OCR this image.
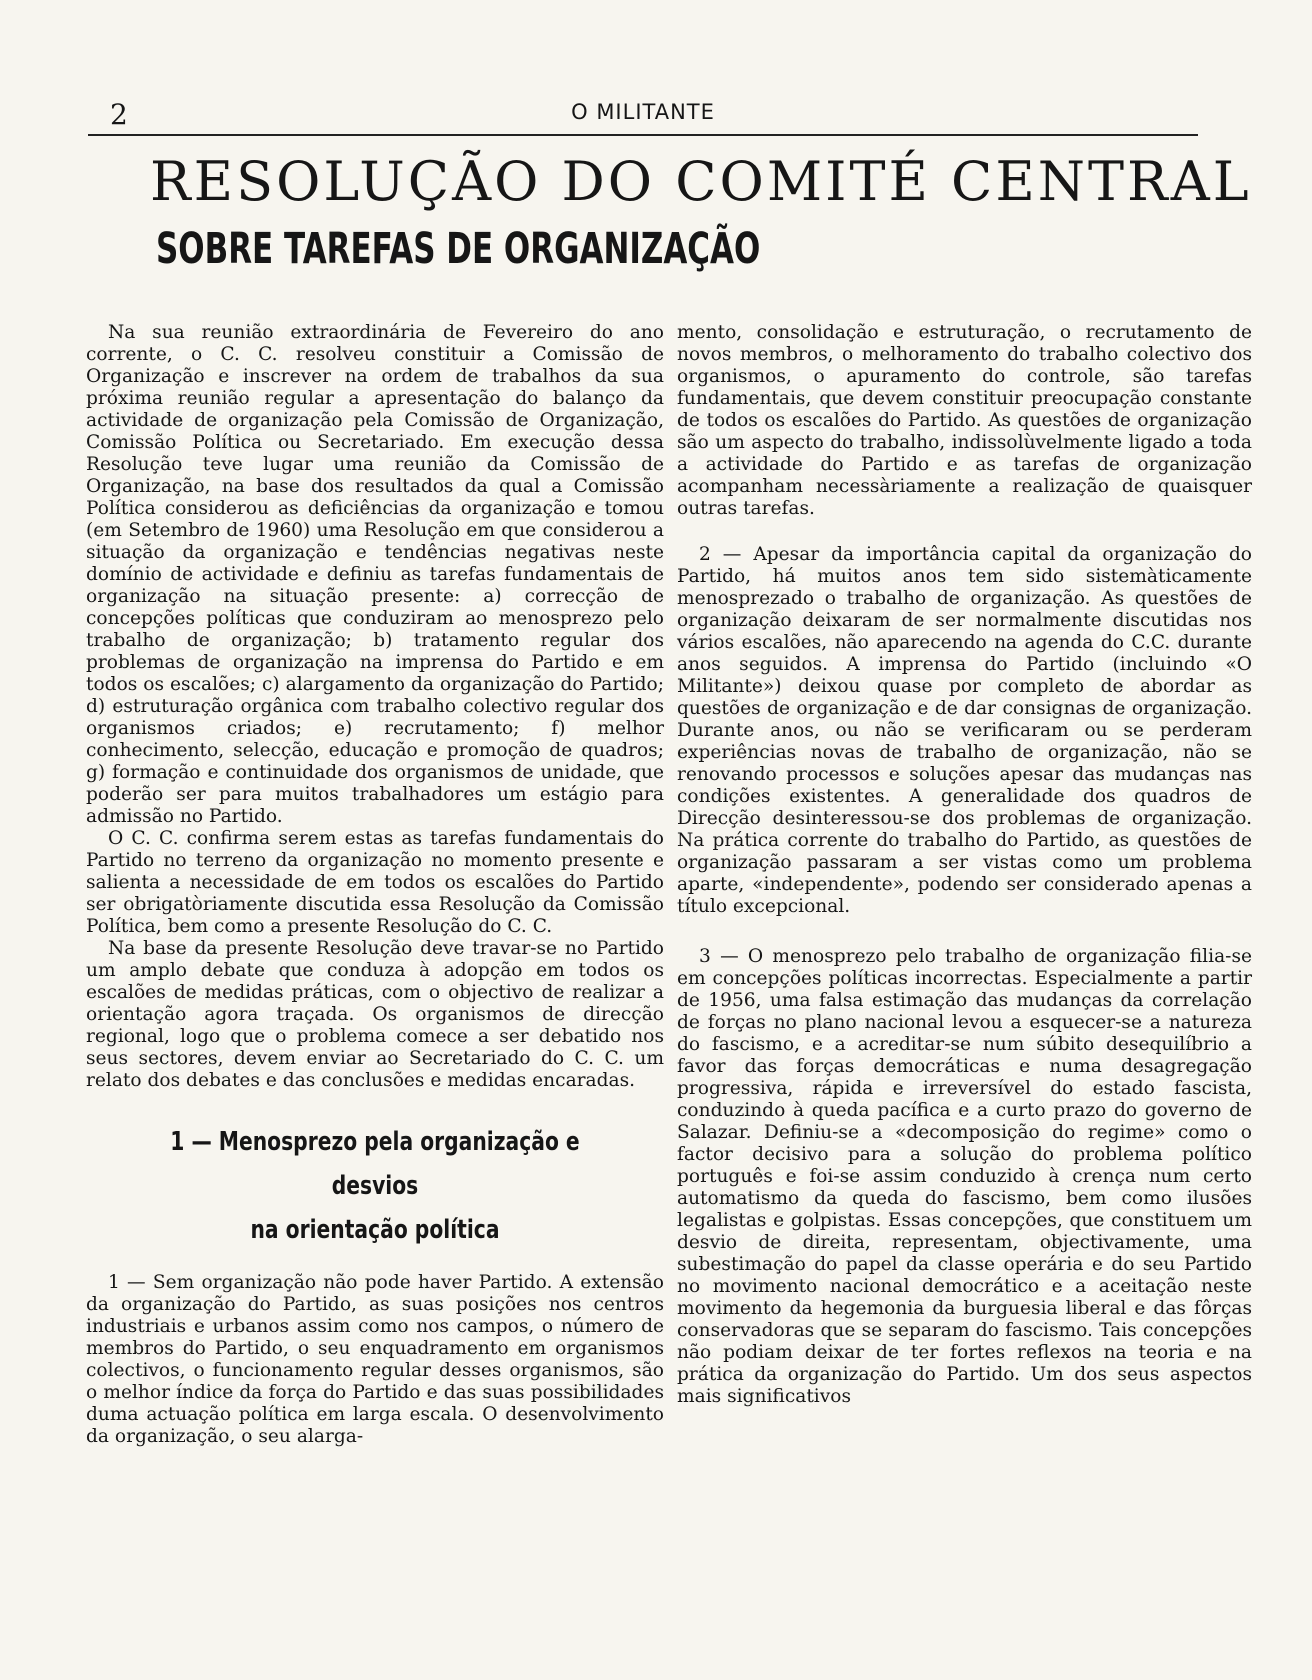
2	O MILITANTE
RESOLUÇÃO DO COMITÉ CENTRAL
SOBRE TAREFAS DE ORGANIZAÇÃO

Na sua reunião extraordinária de Fevereiro do ano corrente, o C. C. resolveu constituir a Comissão de Organização e inscrever na ordem de trabalhos da sua próxima reunião regular a apresentação do balanço da actividade de organização pela Comissão de Organização, Comissão Política ou Secretariado. Em execução dessa Resolução teve lugar uma reunião da Comissão de Organização, na base dos resultados da qual a Comissão Política considerou as deficiências da organização e tomou (em Setembro de 1960) uma Resolução em que considerou a situação da organização e tendências negativas neste domínio de actividade e definiu as tarefas fundamentais de organização na situação presente: a) correcção de concepções políticas que conduziram ao menosprezo pelo trabalho de organização; b) tratamento regular dos problemas de organização na imprensa do Partido e em todos os escalões; c) alargamento da organização do Partido; d) estruturação orgânica com trabalho colectivo regular dos organismos criados; e) recrutamento; f) melhor conhecimento, selecção, educação e promoção de quadros; g) formação e continuidade dos organismos de unidade, que poderão ser para muitos trabalhadores um estágio para admissão no Partido.

O C. C. confirma serem estas as tarefas fundamentais do Partido no terreno da organização no momento presente e salienta a necessidade de em todos os escalões do Partido ser obrigatòriamente discutida essa Resolução da Comissão Política, bem como a presente Resolução do C. C.

Na base da presente Resolução deve travar-se no Partido um amplo debate que conduza à adopção em todos os escalões de medidas práticas, com o objectivo de realizar a orientação agora traçada. Os organismos de direcção regional, logo que o problema comece a ser debatido nos seus sectores, devem enviar ao Secretariado do C. C. um relato dos debates e das conclusões e medidas encaradas.

1 — Menosprezo pela organização e desvios
na orientação política

1 — Sem organização não pode haver Partido. A extensão da organização do Partido, as suas posições nos centros industriais e urbanos assim como nos campos, o número de membros do Partido, o seu enquadramento em organismos colectivos, o funcionamento regular desses organismos, são o melhor índice da força do Partido e das suas possibilidades duma actuação política em larga escala. O desenvolvimento da organização, o seu alarga-

mento, consolidação e estruturação, o recrutamento de novos membros, o melhoramento do trabalho colectivo dos organismos, o apuramento do controle, são tarefas fundamentais, que devem constituir preocupação constante de todos os escalões do Partido. As questões de organização são um aspecto do trabalho, indissolùvelmente ligado a toda a actividade do Partido e as tarefas de organização acompanham necessàriamente a realização de quaisquer outras tarefas.

2 — Apesar da importância capital da organização do Partido, há muitos anos tem sido sistemàticamente menosprezado o trabalho de organização. As questões de organização deixaram de ser normalmente discutidas nos vários escalões, não aparecendo na agenda do C.C. durante anos seguidos. A imprensa do Partido (incluindo «O Militante») deixou quase por completo de abordar as questões de organização e de dar consignas de organização. Durante anos, ou não se verificaram ou se perderam experiências novas de trabalho de organização, não se renovando processos e soluções apesar das mudanças nas condições existentes. A generalidade dos quadros de Direcção desinteressou-se dos problemas de organização. Na prática corrente do trabalho do Partido, as questões de organização passaram a ser vistas como um problema aparte, «independente», podendo ser considerado apenas a título excepcional.

3 — O menosprezo pelo trabalho de organização filia-se em concepções políticas incorrectas. Especialmente a partir de 1956, uma falsa estimação das mudanças da correlação de forças no plano nacional levou a esquecer-se a natureza do fascismo, e a acreditar-se num súbito desequilíbrio a favor das forças democráticas e numa desagregação progressiva, rápida e irreversível do estado fascista, conduzindo à queda pacífica e a curto prazo do governo de Salazar. Definiu-se a «decomposição do regime» como o factor decisivo para a solução do problema político português e foi-se assim conduzido à crença num certo automatismo da queda do fascismo, bem como ilusões legalistas e golpistas. Essas concepções, que constituem um desvio de direita, representam, objectivamente, uma subestimação do papel da classe operária e do seu Partido no movimento nacional democrático e a aceitação neste movimento da hegemonia da burguesia liberal e das fôrças conservadoras que se separam do fascismo. Tais concepções não podiam deixar de ter fortes reflexos na teoria e na prática da organização do Partido. Um dos seus aspectos mais significativos
